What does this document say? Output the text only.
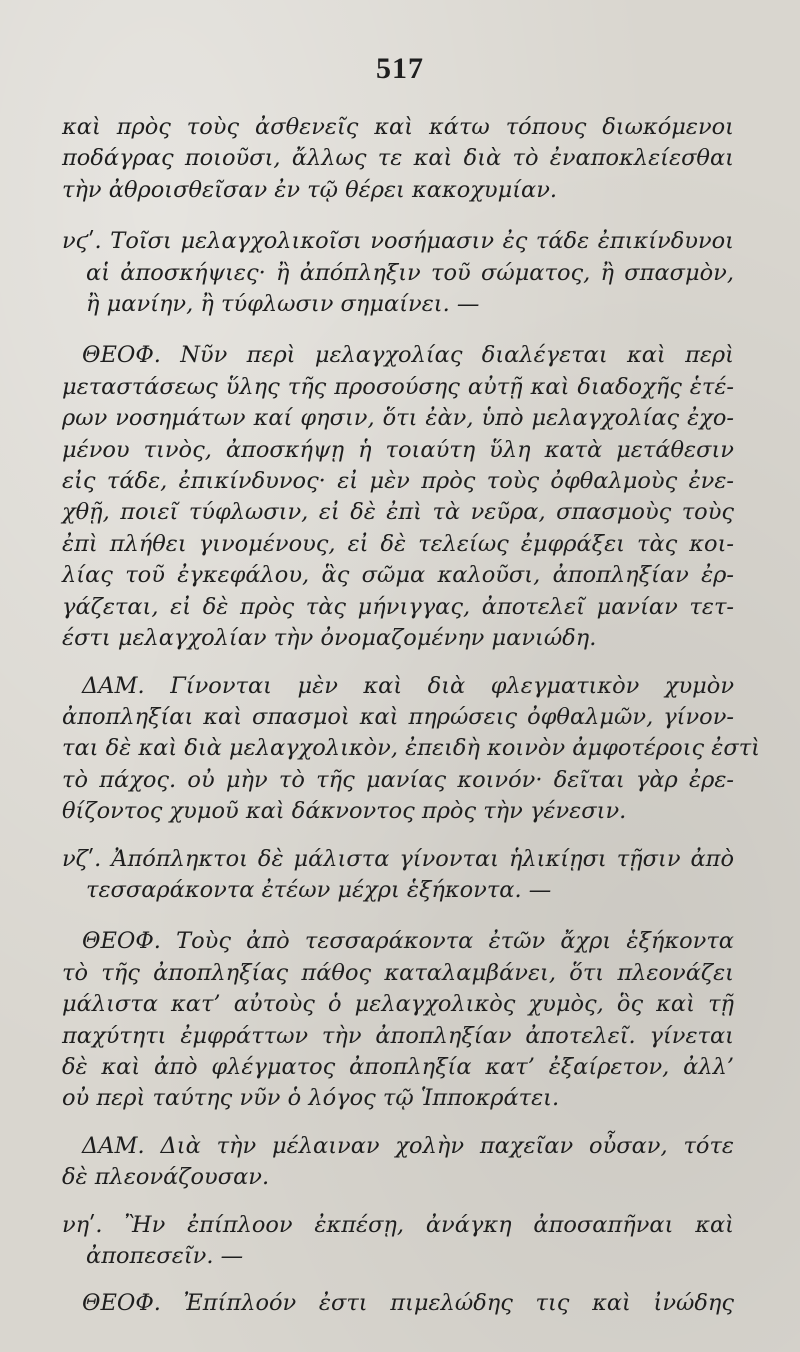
517
καὶ πρὸς τοὺς ἀσθενεῖς καὶ κάτω τόπους διωκόμενοι
ποδάγρας ποιοῦσι, ἄλλως τε καὶ διὰ τὸ ἐναποκλείεσθαι
τὴν ἀθροισθεῖσαν ἐν τῷ θέρει κακοχυμίαν.
νϛʹ. Τοῖσι μελαγχολικοῖσι νοσήμασιν ἐς τάδε ἐπικίνδυνοι
αἱ ἀποσκήψιες· ἢ ἀπόπληξιν τοῦ σώματος, ἢ σπασμὸν,
ἢ μανίην, ἢ τύφλωσιν σημαίνει. —
ΘΕΟΦ. Νῦν περὶ μελαγχολίας διαλέγεται καὶ περὶ
μεταστάσεως ὕλης τῆς προσούσης αὐτῇ καὶ διαδοχῆς ἑτέ-
ρων νοσημάτων καί φησιν, ὅτι ἐὰν, ὑπὸ μελαγχολίας ἐχο-
μένου τινὸς, ἀποσκήψῃ ἡ τοιαύτη ὕλη κατὰ μετάθεσιν
εἰς τάδε, ἐπικίνδυνος· εἰ μὲν πρὸς τοὺς ὀφθαλμοὺς ἐνε-
χθῇ, ποιεῖ τύφλωσιν, εἰ δὲ ἐπὶ τὰ νεῦρα, σπασμοὺς τοὺς
ἐπὶ πλήθει γινομένους, εἰ δὲ τελείως ἐμφράξει τὰς κοι-
λίας τοῦ ἐγκεφάλου, ἃς σῶμα καλοῦσι, ἀποπληξίαν ἐρ-
γάζεται, εἰ δὲ πρὸς τὰς μήνιγγας, ἀποτελεῖ μανίαν τετ-
έστι μελαγχολίαν τὴν ὀνομαζομένην μανιώδη.
ΔΑΜ. Γίνονται μὲν καὶ διὰ φλεγματικὸν χυμὸν
ἀποπληξίαι καὶ σπασμοὶ καὶ πηρώσεις ὀφθαλμῶν, γίνον-
ται δὲ καὶ διὰ μελαγχολικὸν, ἐπειδὴ κοινὸν ἀμφοτέροις ἐστὶ
τὸ πάχος. οὐ μὴν τὸ τῆς μανίας κοινόν· δεῖται γὰρ ἐρε-
θίζοντος χυμοῦ καὶ δάκνοντος πρὸς τὴν γένεσιν.
νζʹ. Ἀπόπληκτοι δὲ μάλιστα γίνονται ἡλικίῃσι τῇσιν ἀπὸ
τεσσαράκοντα ἐτέων μέχρι ἑξήκοντα. —
ΘΕΟΦ. Τοὺς ἀπὸ τεσσαράκοντα ἐτῶν ἄχρι ἑξήκοντα
τὸ τῆς ἀποπληξίας πάθος καταλαμβάνει, ὅτι πλεονάζει
μάλιστα κατ’ αὐτοὺς ὁ μελαγχολικὸς χυμὸς, ὃς καὶ τῇ
παχύτητι ἐμφράττων τὴν ἀποπληξίαν ἀποτελεῖ. γίνεται
δὲ καὶ ἀπὸ φλέγματος ἀποπληξία κατ’ ἐξαίρετον, ἀλλ’
οὐ περὶ ταύτης νῦν ὁ λόγος τῷ Ἱπποκράτει.
ΔΑΜ. Διὰ τὴν μέλαιναν χολὴν παχεῖαν οὖσαν, τότε
δὲ πλεονάζουσαν.
νηʹ. Ἢν ἐπίπλοον ἐκπέσῃ, ἀνάγκη ἀποσαπῆναι καὶ
ἀποπεσεῖν. —
ΘΕΟΦ. Ἐπίπλοόν ἐστι πιμελώδης τις καὶ ἰνώδης
